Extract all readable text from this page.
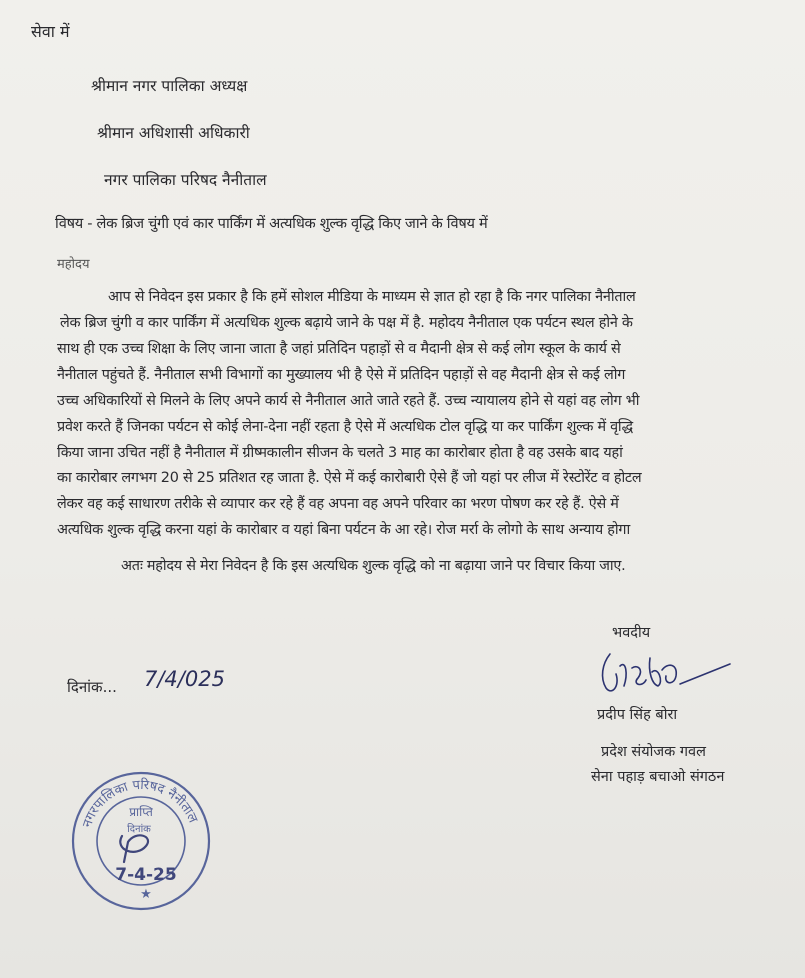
सेवा में
श्रीमान नगर पालिका अध्यक्ष
श्रीमान अधिशासी अधिकारी
नगर पालिका परिषद नैनीताल
विषय - लेक ब्रिज चुंगी एवं कार पार्किंग में अत्यधिक शुल्क वृद्धि किए जाने के विषय में
महोदय
आप से निवेदन इस प्रकार है कि हमें सोशल मीडिया के माध्यम से ज्ञात हो रहा है कि नगर पालिका नैनीताल
लेक ब्रिज चुंगी व कार पार्किंग में अत्यधिक शुल्क बढ़ाये जाने के पक्ष में है. महोदय नैनीताल एक पर्यटन स्थल होने के
साथ ही एक उच्च शिक्षा के लिए जाना जाता है जहां प्रतिदिन पहाड़ों से व मैदानी क्षेत्र से कई लोग स्कूल के कार्य से
नैनीताल पहुंचते हैं. नैनीताल सभी विभागों का मुख्यालय भी है ऐसे में प्रतिदिन पहाड़ों से वह मैदानी क्षेत्र से कई लोग
उच्च अधिकारियों से मिलने के लिए अपने कार्य से नैनीताल आते जाते रहते हैं. उच्च न्यायालय होने से यहां वह लोग भी
प्रवेश करते हैं जिनका पर्यटन से कोई लेना-देना नहीं रहता है ऐसे में अत्यधिक टोल वृद्धि या कर पार्किंग शुल्क में वृद्धि
किया जाना उचित नहीं है नैनीताल में ग्रीष्मकालीन सीजन के चलते 3 माह का कारोबार होता है वह उसके बाद यहां
का कारोबार लगभग 20 से 25 प्रतिशत रह जाता है. ऐसे में कई कारोबारी ऐसे हैं जो यहां पर लीज में रेस्टोरेंट व होटल
लेकर वह कई साधारण तरीके से व्यापार कर रहे हैं वह अपना वह अपने परिवार का भरण पोषण कर रहे हैं. ऐसे में
अत्यधिक शुल्क वृद्धि करना यहां के कारोबार व यहां बिना पर्यटन के आ रहे। रोज मर्रा के लोगो के साथ अन्याय होगा
अतः महोदय से मेरा निवेदन है कि इस अत्यधिक शुल्क वृद्धि को ना बढ़ाया जाने पर विचार किया जाए.
भवदीय
दिनांक... 7/4/025
प्रदीप सिंह बोरा
प्रदेश संयोजक गवल
सेना पहाड़ बचाओ संगठन
नगरपालिका परिषद नैनीताल
प्राप्ति
दिनांक
7-4-25
★
